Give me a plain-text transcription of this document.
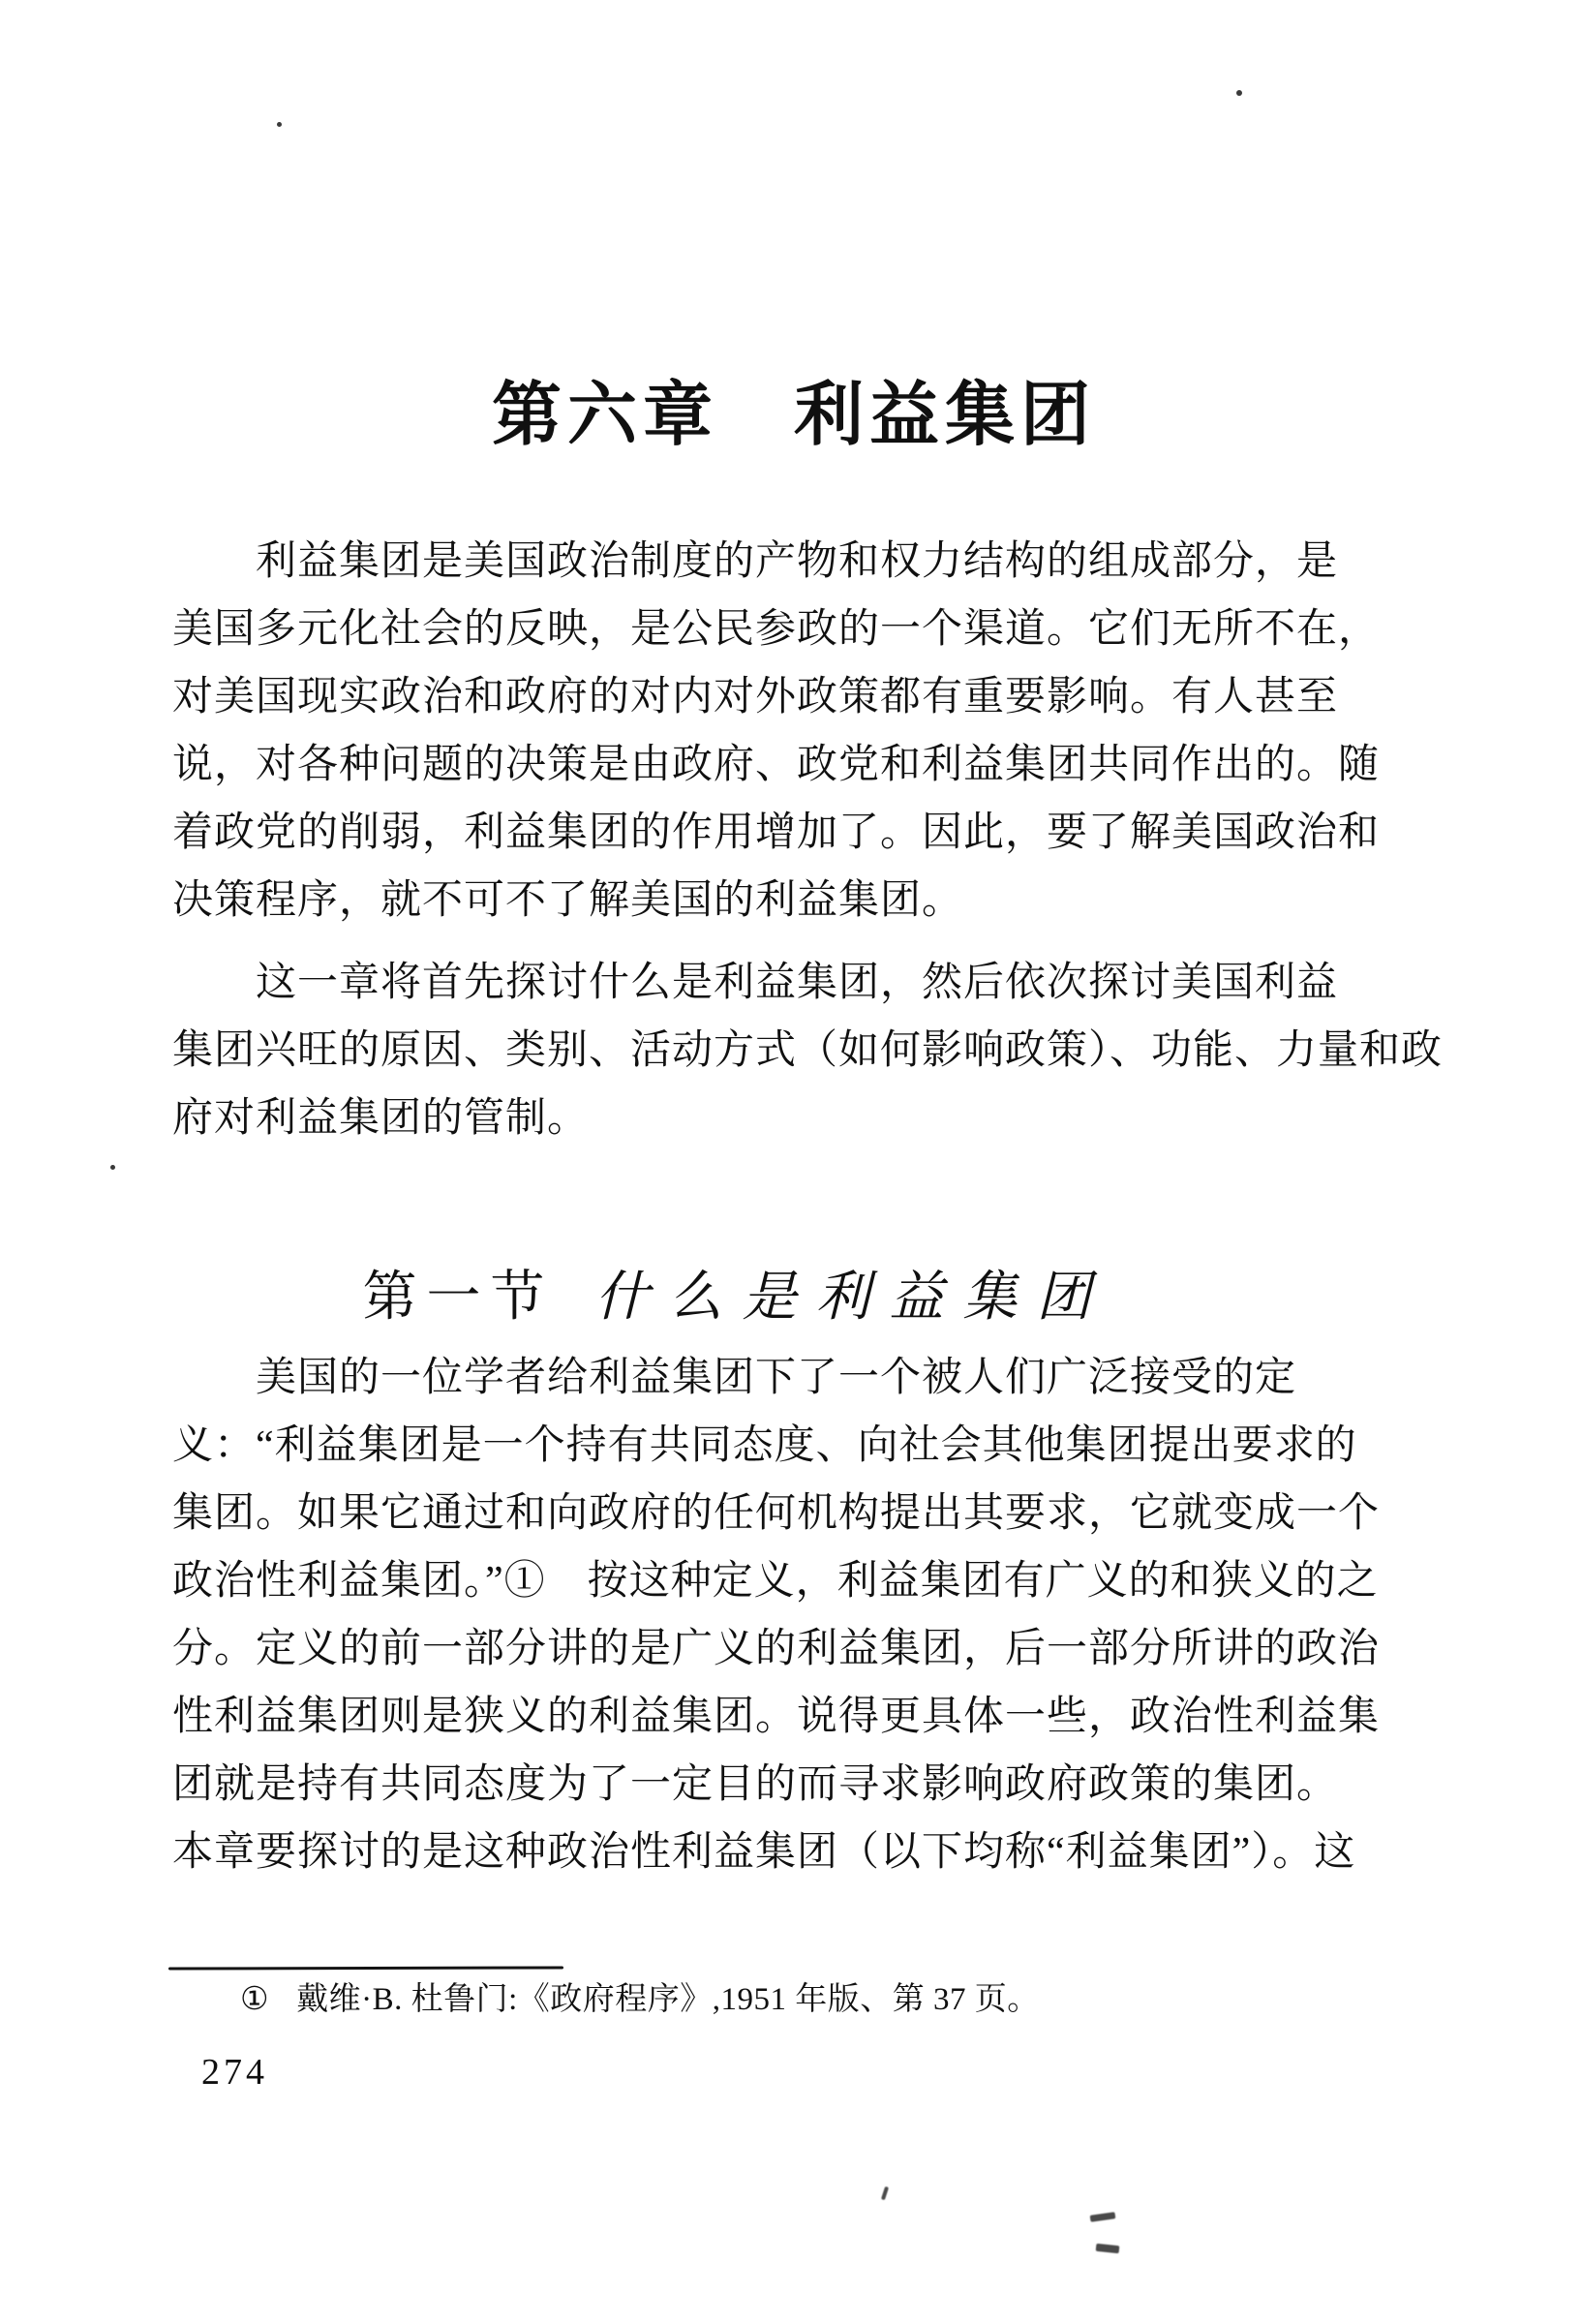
第六章　利益集团
利益集团是美国政治制度的产物和权力结构的组成部分，是
美国多元化社会的反映，是公民参政的一个渠道。它们无所不在，
对美国现实政治和政府的对内对外政策都有重要影响。有人甚至
说，对各种问题的决策是由政府、政党和利益集团共同作出的。随
着政党的削弱，利益集团的作用增加了。因此，要了解美国政治和
决策程序，就不可不了解美国的利益集团。
这一章将首先探讨什么是利益集团，然后依次探讨美国利益
集团兴旺的原因、类别、活动方式（如何影响政策）、功能、力量和政
府对利益集团的管制。
第一节 什么是利益集团
美国的一位学者给利益集团下了一个被人们广泛接受的定
义：“利益集团是一个持有共同态度、向社会其他集团提出要求的
集团。如果它通过和向政府的任何机构提出其要求，它就变成一个
政治性利益集团。”①　按这种定义，利益集团有广义的和狭义的之
分。定义的前一部分讲的是广义的利益集团，后一部分所讲的政治
性利益集团则是狭义的利益集团。说得更具体一些，政治性利益集
团就是持有共同态度为了一定目的而寻求影响政府政策的集团。
本章要探讨的是这种政治性利益集团（以下均称“利益集团”）。这
① 戴维·B. 杜鲁门:《政府程序》,1951 年版、第 37 页。
274
